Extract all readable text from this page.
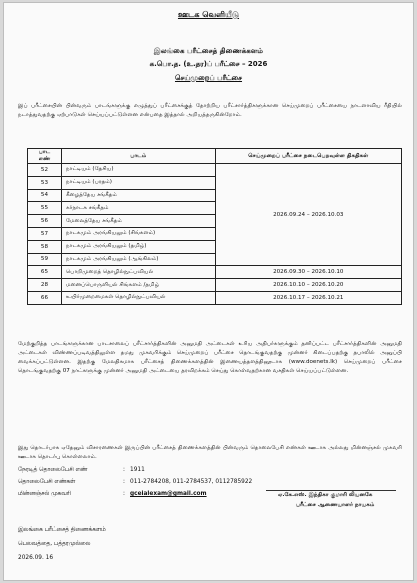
ஊடக வெளியீடு
இலங்கை பரீட்சைத் திணைக்களம்
க.பொ.த. (உ.தர)ப் பரீட்சை – 2026
செய்முறைப் பரீட்சை
இப் பரீட்சையின் பின்வரும் பாடங்களுக்கு எழுத்துப் பரீட்சைக்குத் தோற்றிய பரீட்சார்த்திகளுக்கான செய்முறைப் பரீட்சையை நாடளாவிய ரீதியில் நடாத்துவதற்கு ஏற்பாடுகள் செய்யப்பட்டுள்ளன என்பதை இத்தால் அறியத்தருகின்றோம்.
பாட எண்	பாடம்	செய்முறைப் பரீட்சை நடைபெறவுள்ள திகதிகள்
52	நாட்டியம் (தேசிய)	2026.09.24 – 2026.10.03
53	நாட்டியம் (பரதம்)	
54	கீழைத்தேய சங்கீதம்	
55	கர்நாடக சங்கீதம்	
56	மேலைத்தேய சங்கீதம்	
57	நாடகமும் அரங்கியலும் (சிங்களம்)	
58	நாடகமும் அரங்கியலும் (தமிழ்)	
59	நாடகமும் அரங்கியலும் (ஆங்கிலம்)	
65	பொறிமுறைத் தொழில்நுட்பவியல்	2026.09.30 – 2026.10.10
28	மனைப்பொருளியல் சிங்களம் /தமிழ்	2026.10.10 – 2026.10.20
66	உயிர்முறைமைகள் தொழில்நுட்பவியல்	2026.10.17 – 2026.10.21
மேற்குறித்த பாடங்களுக்கான பாடசாலைப் பரீட்சார்த்திகளின் அனுமதி அட்டைகள் உரிய அதிபர்களுக்கும் தனிப்பட்ட பரீட்சார்த்திகளின் அனுமதி அட்டைகள் விண்ணப்படிவத்திலுள்ள தமது முகவரிக்கும் செய்முறைப் பரீட்சை தொடங்குவதற்கு முன்னர் கிடைப்பதற்கு தபாலில் அனுப்பி வைக்கப்பட்டுள்ளன. இதற்கு மேலதிகமாக பரீட்சைத் திணைக்களத்தின் இணையத்தளத்தினூடாக (www.doenets.lk) செய்முறைப் பரீட்சை தொடங்குவதற்கு 07 நாட்களுக்கு முன்னர் அனுமதி அட்டையை தரவிறக்கம் செய்து கொள்வதற்கான வசதிகள் செய்யப்பட்டுள்ளன.
இது தொடர்பாக ஏதேனும் விசாரணைகள் இருப்பின் பரீட்சைத் திணைக்களத்தின் பின்வரும் தொலைபேசி எண்கள் ஊடாக அல்லது மின்னஞ்சல் முகவரி ஊடாக தொடர்பு கொள்ளலாம்.
நேரடித் தொலைபேசி எண்	: 1911
தொலைபேசி எண்கள்	: 011-2784208, 011-2784537, 0112785922
மின்னஞ்சல் முகவரி	: gceialexam@gmail.com	ஏ.கே.எஸ். இந்திகா குமாரி லியனகே
பரீட்சை ஆணையாளர் நாயகம்
இலங்கை பரீட்சைத் திணைக்களம்
பெலவத்தை, பத்தரமுல்லை
2026.09. 16
